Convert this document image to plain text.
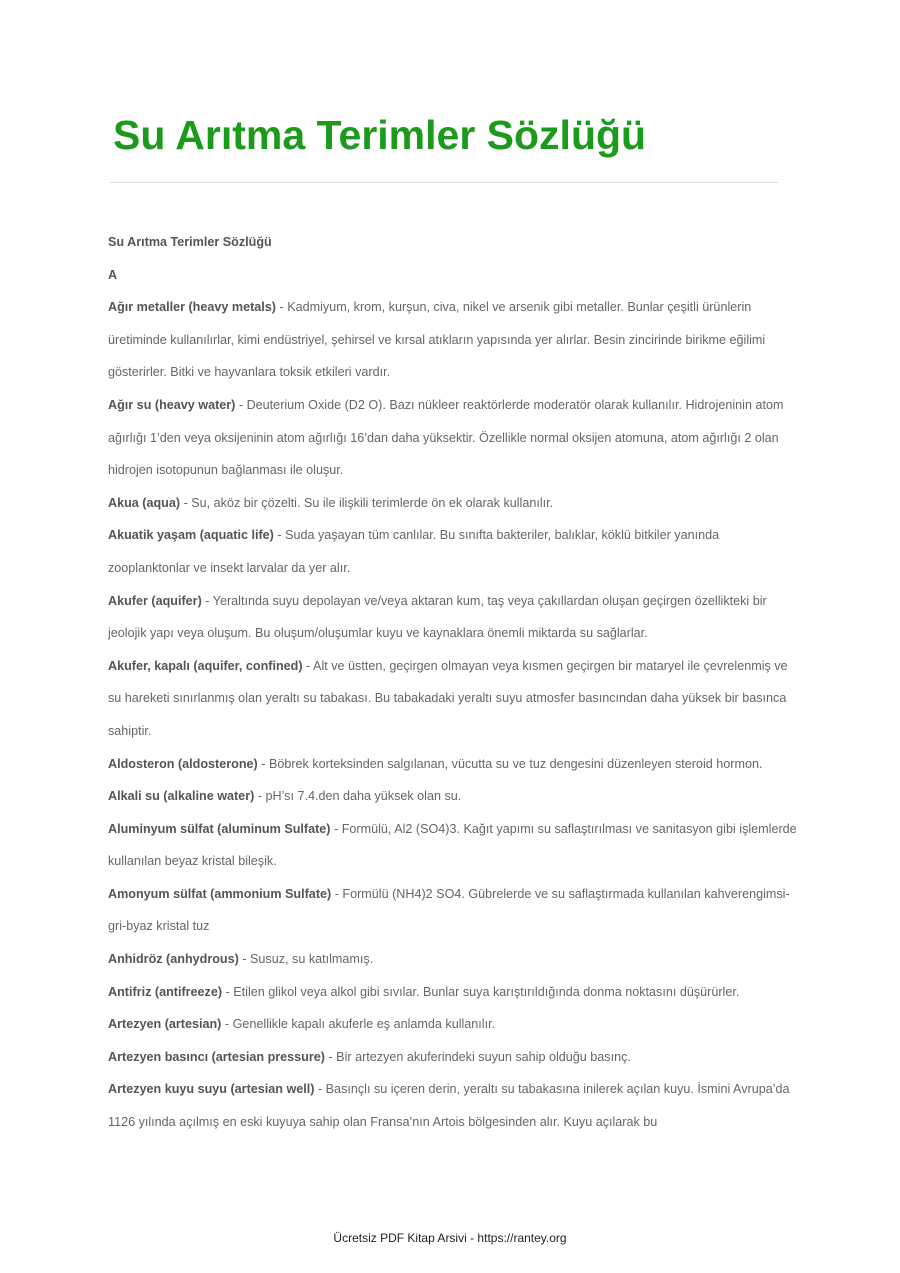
Su Arıtma Terimler Sözlüğü

Su Arıtma Terimler Sözlüğü

A

Ağır metaller (heavy metals) - Kadmiyum, krom, kurşun, civa, nikel ve arsenik gibi metaller. Bunlar çeşitli ürünlerin üretiminde kullanılırlar, kimi endüstriyel, şehirsel ve kırsal atıkların yapısında yer alırlar. Besin zincirinde birikme eğilimi gösterirler. Bitki ve hayvanlara toksik etkileri vardır.

Ağır su (heavy water) - Deuterium Oxide (D2 O). Bazı nükleer reaktörlerde moderatör olarak kullanılır. Hidrojeninin atom ağırlığı 1’den veya oksijeninin atom ağırlığı 16’dan daha yüksektir. Özellikle normal oksijen atomuna, atom ağırlığı 2 olan hidrojen isotopunun bağlanması ile oluşur.

Akua (aqua) - Su, aköz bir çözelti. Su ile ilişkili terimlerde ön ek olarak kullanılır.

Akuatik yaşam (aquatic life) - Suda yaşayan tüm canlılar. Bu sınıfta bakteriler, balıklar, köklü bitkiler yanında zooplanktonlar ve insekt larvalar da yer alır.

Akufer (aquifer) - Yeraltında suyu depolayan ve/veya aktaran kum, taş veya çakıllardan oluşan geçirgen özellikteki bir jeolojik yapı veya oluşum. Bu oluşum/oluşumlar kuyu ve kaynaklara önemli miktarda su sağlarlar.

Akufer, kapalı (aquifer, confined) - Alt ve üstten, geçirgen olmayan veya kısmen geçirgen bir mataryel ile çevrelenmiş ve su hareketi sınırlanmış olan yeraltı su tabakası. Bu tabakadaki yeraltı suyu atmosfer basıncından daha yüksek bir basınca sahiptir.

Aldosteron (aldosterone) - Böbrek korteksinden salgılanan, vücutta su ve tuz dengesini düzenleyen steroid hormon.

Alkali su (alkaline water) - pH’sı 7.4.den daha yüksek olan su.

Aluminyum sülfat (aluminum Sulfate) - Formülü, Al2 (SO4)3. Kağıt yapımı su saflaştırılması ve sanitasyon gibi işlemlerde kullanılan beyaz kristal bileşik.

Amonyum sülfat (ammonium Sulfate) - Formülü (NH4)2 SO4. Gübrelerde ve su saflaştırmada kullanılan kahverengimsi-gri-byaz kristal tuz

Anhidröz (anhydrous) - Susuz, su katılmamış.

Antifriz (antifreeze) - Etilen glikol veya alkol gibi sıvılar. Bunlar suya karıştırıldığında donma noktasını düşürürler.

Artezyen (artesian) - Genellikle kapalı akuferle eş anlamda kullanılır.

Artezyen basıncı (artesian pressure) - Bir artezyen akuferindeki suyun sahip olduğu basınç.

Artezyen kuyu suyu (artesian well) - Basınçlı su içeren derin, yeraltı su tabakasına inilerek açılan kuyu. İsmini Avrupa’da 1126 yılında açılmış en eski kuyuya sahip olan Fransa’nın Artois bölgesinden alır. Kuyu açılarak bu

Ücretsiz PDF Kitap Arsivi - https://rantey.org
